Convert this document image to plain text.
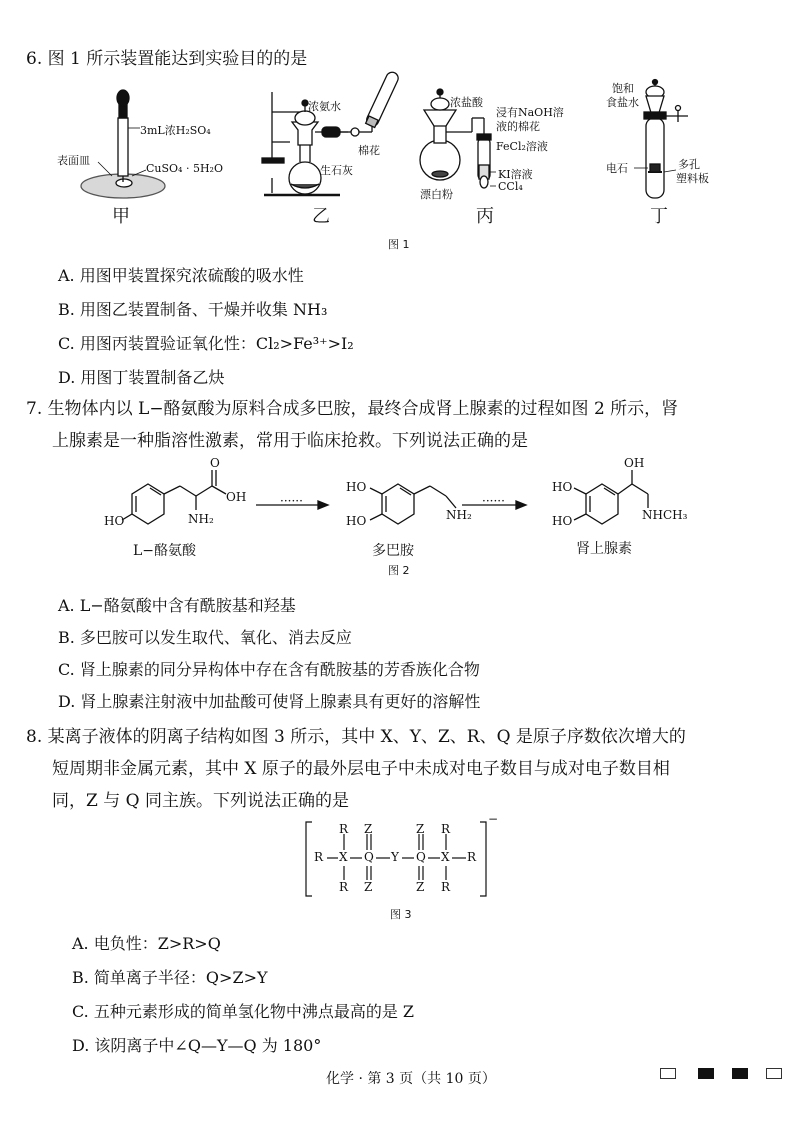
6. 图 1 所示装置能达到实验目的的是
3mL浓H₂SO₄
表面皿
CuSO₄ · 5H₂O
甲
浓氨水
棉花
生石灰
乙
浓盐酸
浸有NaOH溶
液的棉花
FeCl₂溶液
KI溶液
漂白粉
CCl₄
丙
饱和
食盐水
电石	多孔
塑料板
丁
图 1
A. 用图甲装置探究浓硫酸的吸水性
B. 用图乙装置制备、干燥并收集 NH₃
C. 用图丙装置验证氧化性：Cl₂>Fe³⁺>I₂
D. 用图丁装置制备乙炔
7. 生物体内以 L−酪氨酸为原料合成多巴胺，最终合成肾上腺素的过程如图 2 所示，肾
上腺素是一种脂溶性激素，常用于临床抢救。下列说法正确的是
HO
O
OH
NH₂
······
L−酪氨酸
HO
HO	NH₂
······
多巴胺
OH
HO
HO	NHCH₃
肾上腺素
图 2
A. L−酪氨酸中含有酰胺基和羟基
B. 多巴胺可以发生取代、氧化、消去反应
C. 肾上腺素的同分异构体中存在含有酰胺基的芳香族化合物
D. 肾上腺素注射液中加盐酸可使肾上腺素具有更好的溶解性
8. 某离子液体的阴离子结构如图 3 所示，其中 X、Y、Z、R、Q 是原子序数依次增大的
短周期非金属元素，其中 X 原子的最外层电子中未成对电子数目与成对电子数目相
同，Z 与 Q 同主族。下列说法正确的是
R X
R
R
Q
Z
Z
Y Q
Z
Z
X
R
R
R
−
图 3
A. 电负性：Z>R>Q
B. 简单离子半径：Q>Z>Y
C. 五种元素形成的简单氢化物中沸点最高的是 Z
D. 该阴离子中∠Q—Y—Q 为 180°
化学 · 第 3 页（共 10 页）
